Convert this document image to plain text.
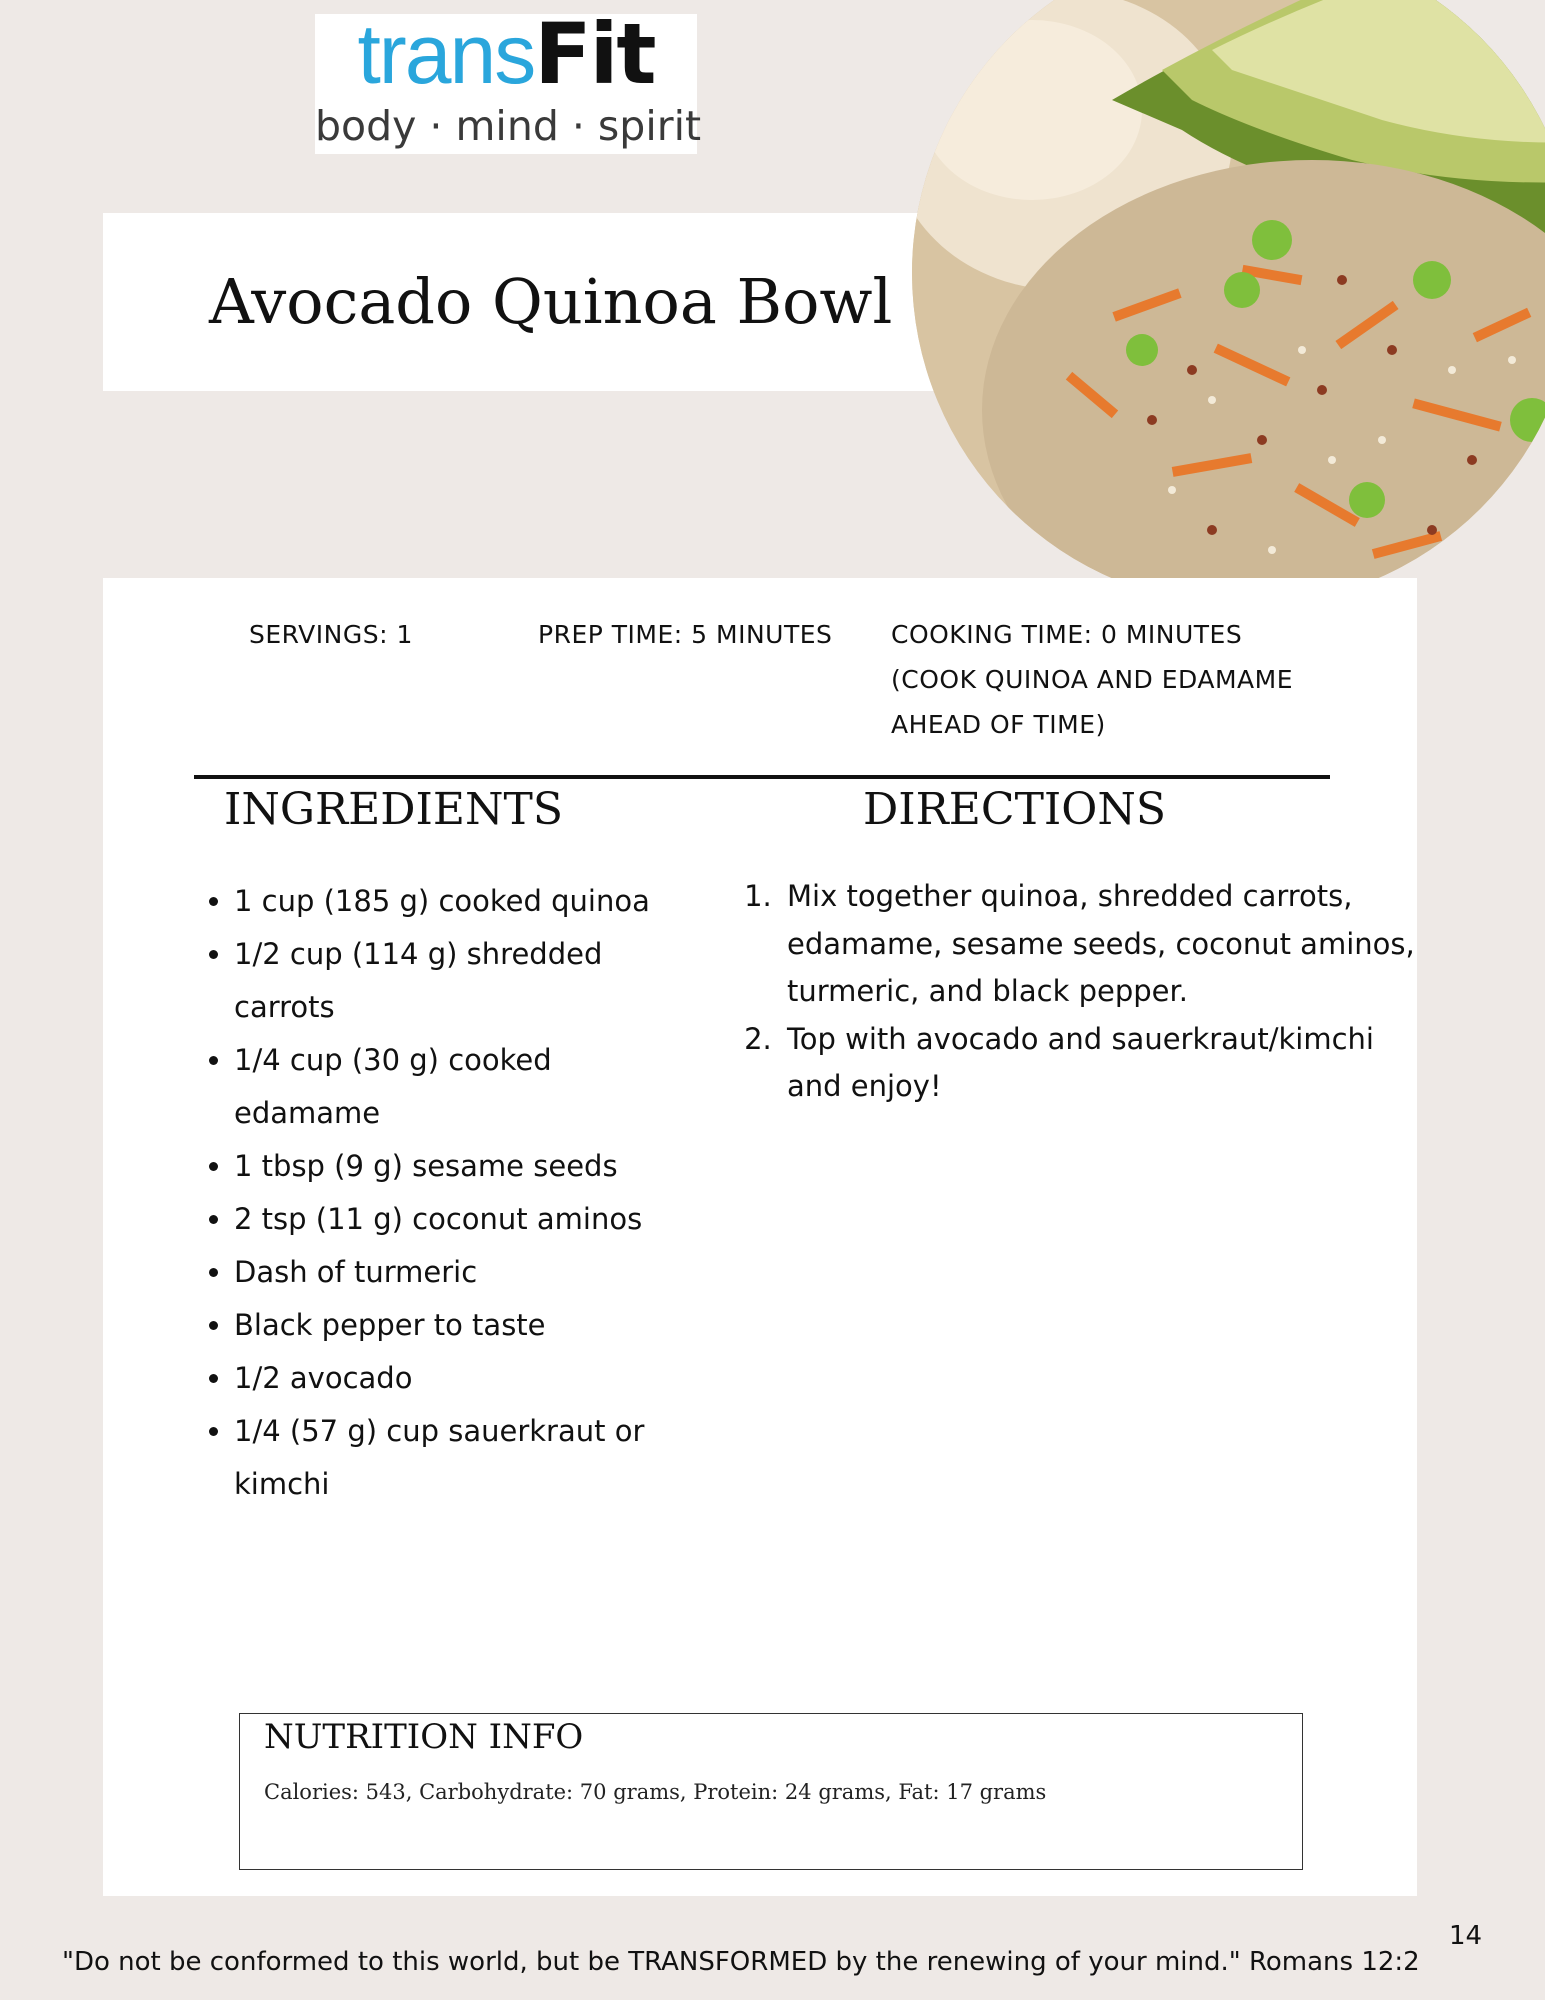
transFit
body · mind · spirit
Avocado Quinoa Bowl
SERVINGS: 1	PREP TIME: 5 MINUTES COOKING TIME: 0 MINUTES (COOK QUINOA AND EDAMAME AHEAD OF TIME)
INGREDIENTS	DIRECTIONS
• 1 cup (185 g) cooked quinoa
• 1/2 cup (114 g) shredded carrots
• 1/4 cup (30 g) cooked edamame
• 1 tbsp (9 g) sesame seeds
• 2 tsp (11 g) coconut aminos
• Dash of turmeric
• Black pepper to taste
• 1/2 avocado
• 1/4 (57 g) cup sauerkraut or kimchi
1. Mix together quinoa, shredded carrots, edamame, sesame seeds, coconut aminos, turmeric, and black pepper.
2. Top with avocado and sauerkraut/kimchi and enjoy!
NUTRITION INFO
Calories: 543, Carbohydrate: 70 grams, Protein: 24 grams, Fat: 17 grams
14
"Do not be conformed to this world, but be TRANSFORMED by the renewing of your mind." Romans 12:2
